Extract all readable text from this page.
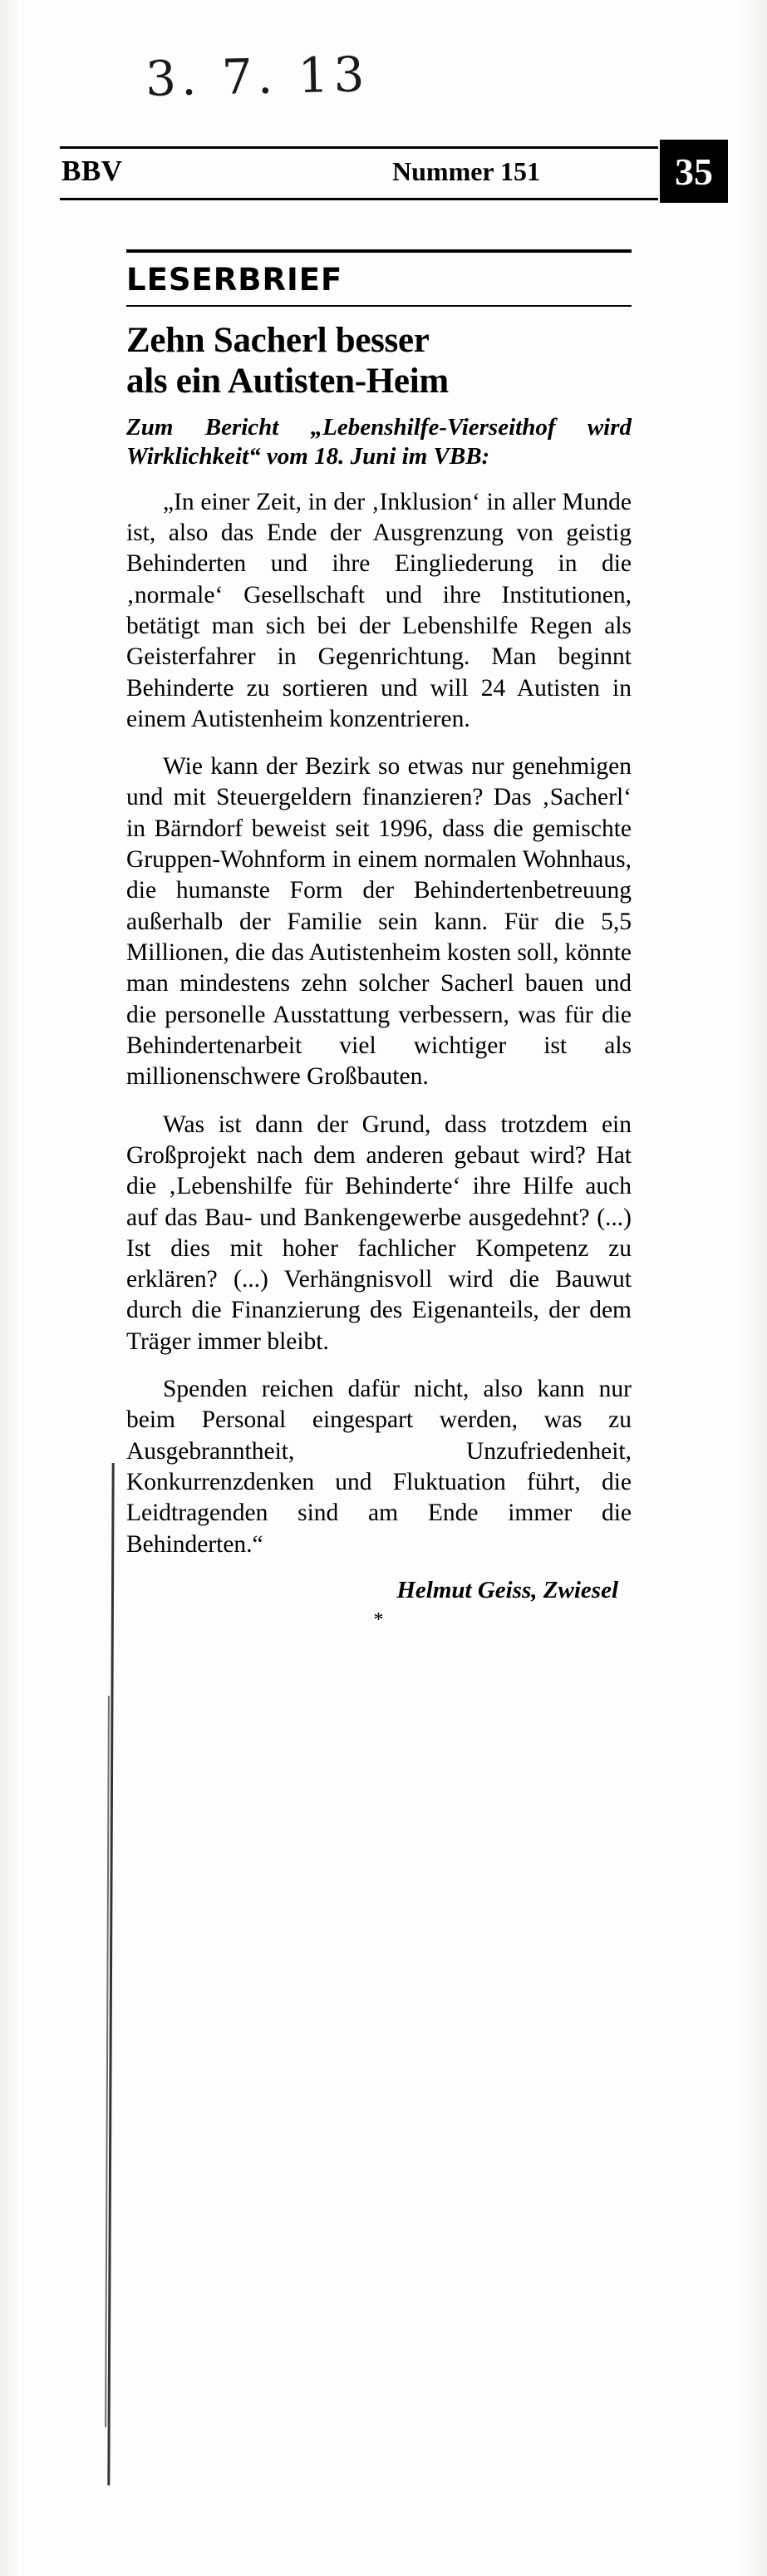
3. 7. 13
BBV	Nummer 151	35
LESERBRIEF
Zehn Sacherl besser
als ein Autisten-Heim

Zum Bericht „Lebenshilfe-Vierseithof wird Wirklichkeit“ vom 18. Juni im VBB:

„In einer Zeit, in der ‚Inklusion‘ in aller Munde ist, also das Ende der Ausgrenzung von geistig Behinderten und ihre Eingliederung in die ‚normale‘ Gesellschaft und ihre Institutionen, betätigt man sich bei der Lebenshilfe Regen als Geisterfahrer in Gegenrichtung. Man beginnt Behinderte zu sortieren und will 24 Autisten in einem Autistenheim konzentrieren.

Wie kann der Bezirk so etwas nur genehmigen und mit Steuergeldern finanzieren? Das ‚Sacherl‘ in Bärndorf beweist seit 1996, dass die gemischte Gruppen-Wohnform in einem normalen Wohnhaus, die humanste Form der Behindertenbetreuung außerhalb der Familie sein kann. Für die 5,5 Millionen, die das Autistenheim kosten soll, könnte man mindestens zehn solcher Sacherl bauen und die personelle Ausstattung verbessern, was für die Behindertenarbeit viel wichtiger ist als millionenschwere Großbauten.

Was ist dann der Grund, dass trotzdem ein Großprojekt nach dem anderen gebaut wird? Hat die ‚Lebenshilfe für Behinderte‘ ihre Hilfe auch auf das Bau- und Bankengewerbe ausgedehnt? (...) Ist dies mit hoher fachlicher Kompetenz zu erklären? (...) Verhängnisvoll wird die Bauwut durch die Finanzierung des Eigenanteils, der dem Träger immer bleibt.

Spenden reichen dafür nicht, also kann nur beim Personal eingespart werden, was zu Ausgebranntheit, Unzufriedenheit, Konkurrenzdenken und Fluktuation führt, die Leidtragenden sind am Ende immer die Behinderten.“

Helmut Geiss, Zwiesel

*
